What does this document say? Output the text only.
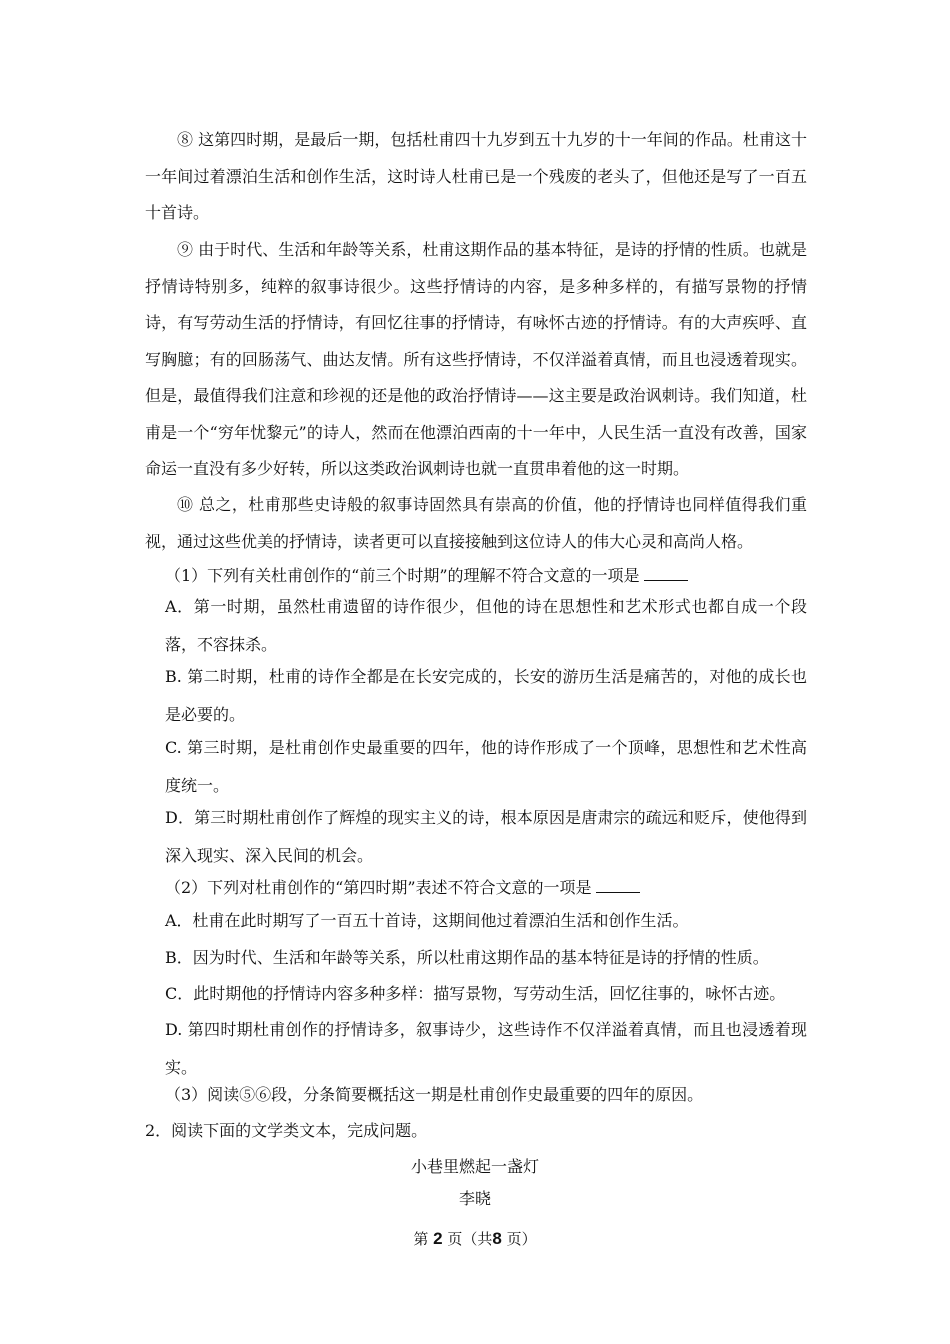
⑧ 这第四时期，是最后一期，包括杜甫四十九岁到五十九岁的十一年间的作品。杜甫这十一年间过着漂泊生活和创作生活，这时诗人杜甫已是一个残废的老头了，但他还是写了一百五十首诗。

⑨ 由于时代、生活和年龄等关系，杜甫这期作品的基本特征，是诗的抒情的性质。也就是抒情诗特别多，纯粹的叙事诗很少。这些抒情诗的内容，是多种多样的，有描写景物的抒情诗，有写劳动生活的抒情诗，有回忆往事的抒情诗，有咏怀古迹的抒情诗。有的大声疾呼、直写胸臆；有的回肠荡气、曲达友情。所有这些抒情诗，不仅洋溢着真情，而且也浸透着现实。但是，最值得我们注意和珍视的还是他的政治抒情诗——这主要是政治讽刺诗。我们知道，杜甫是一个“穷年忧黎元”的诗人，然而在他漂泊西南的十一年中，人民生活一直没有改善，国家命运一直没有多少好转，所以这类政治讽刺诗也就一直贯串着他的这一时期。

⑩ 总之，杜甫那些史诗般的叙事诗固然具有崇高的价值，他的抒情诗也同样值得我们重视，通过这些优美的抒情诗，读者更可以直接接触到这位诗人的伟大心灵和高尚人格。

（1）下列有关杜甫创作的“前三个时期”的理解不符合文意的一项是

A．第一时期，虽然杜甫遗留的诗作很少，但他的诗在思想性和艺术形式也都自成一个段落，不容抹杀。

B. 第二时期，杜甫的诗作全都是在长安完成的，长安的游历生活是痛苦的，对他的成长也是必要的。

C. 第三时期，是杜甫创作史最重要的四年，他的诗作形成了一个顶峰，思想性和艺术性高度统一。

D．第三时期杜甫创作了辉煌的现实主义的诗，根本原因是唐肃宗的疏远和贬斥，使他得到深入现实、深入民间的机会。

（2）下列对杜甫创作的“第四时期”表述不符合文意的一项是

A．杜甫在此时期写了一百五十首诗，这期间他过着漂泊生活和创作生活。

B．因为时代、生活和年龄等关系，所以杜甫这期作品的基本特征是诗的抒情的性质。

C．此时期他的抒情诗内容多种多样：描写景物，写劳动生活，回忆往事的，咏怀古迹。

D. 第四时期杜甫创作的抒情诗多，叙事诗少，这些诗作不仅洋溢着真情，而且也浸透着现实。

（3）阅读⑤⑥段，分条简要概括这一期是杜甫创作史最重要的四年的原因。

2．阅读下面的文学类文本，完成问题。

小巷里燃起一盏灯

李晓

第 2 页（共8 页）
